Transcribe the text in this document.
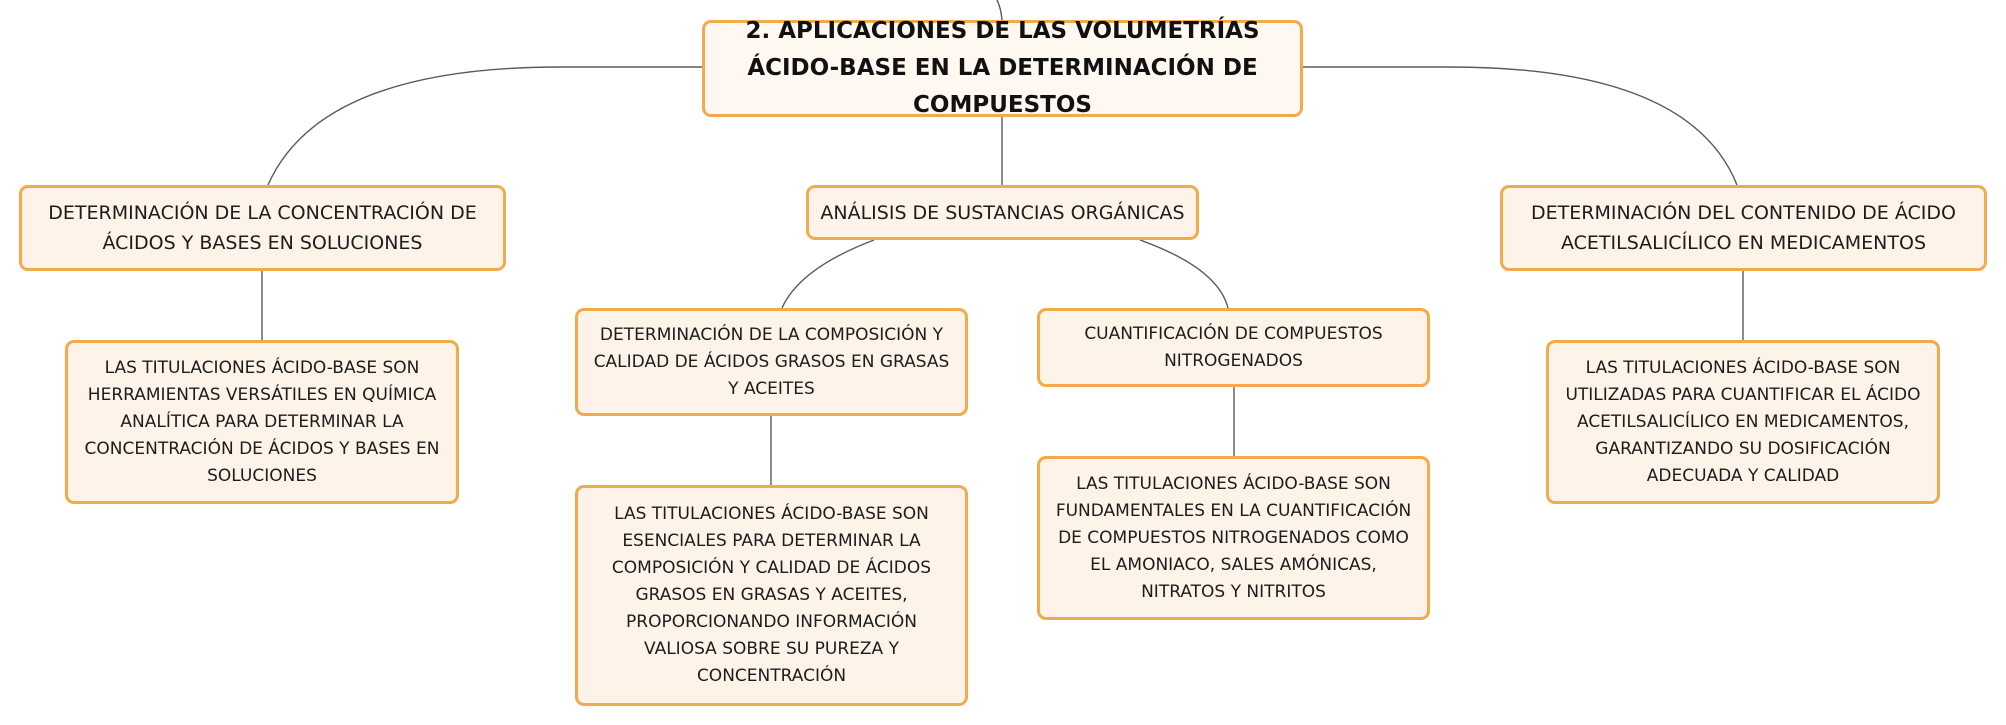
2. APLICACIONES DE LAS VOLUMETRÍAS ÁCIDO-BASE EN LA DETERMINACIÓN DE COMPUESTOS
DETERMINACIÓN DE LA CONCENTRACIÓN DE ÁCIDOS Y BASES EN SOLUCIONES
ANÁLISIS DE SUSTANCIAS ORGÁNICAS	DETERMINACIÓN DEL CONTENIDO DE ÁCIDO ACETILSALICÍLICO EN MEDICAMENTOS
DETERMINACIÓN DE LA COMPOSICIÓN Y CALIDAD DE ÁCIDOS GRASOS EN GRASAS Y ACEITES
CUANTIFICACIÓN DE COMPUESTOS NITROGENADOS
LAS TITULACIONES ÁCIDO-BASE SON HERRAMIENTAS VERSÁTILES EN QUÍMICA ANALÍTICA PARA DETERMINAR LA CONCENTRACIÓN DE ÁCIDOS Y BASES EN SOLUCIONES
LAS TITULACIONES ÁCIDO-BASE SON UTILIZADAS PARA CUANTIFICAR EL ÁCIDO ACETILSALICÍLICO EN MEDICAMENTOS, GARANTIZANDO SU DOSIFICACIÓN ADECUADA Y CALIDAD
LAS TITULACIONES ÁCIDO-BASE SON ESENCIALES PARA DETERMINAR LA COMPOSICIÓN Y CALIDAD DE ÁCIDOS GRASOS EN GRASAS Y ACEITES, PROPORCIONANDO INFORMACIÓN VALIOSA SOBRE SU PUREZA Y CONCENTRACIÓN
LAS TITULACIONES ÁCIDO-BASE SON FUNDAMENTALES EN LA CUANTIFICACIÓN DE COMPUESTOS NITROGENADOS COMO EL AMONIACO, SALES AMÓNICAS, NITRATOS Y NITRITOS
